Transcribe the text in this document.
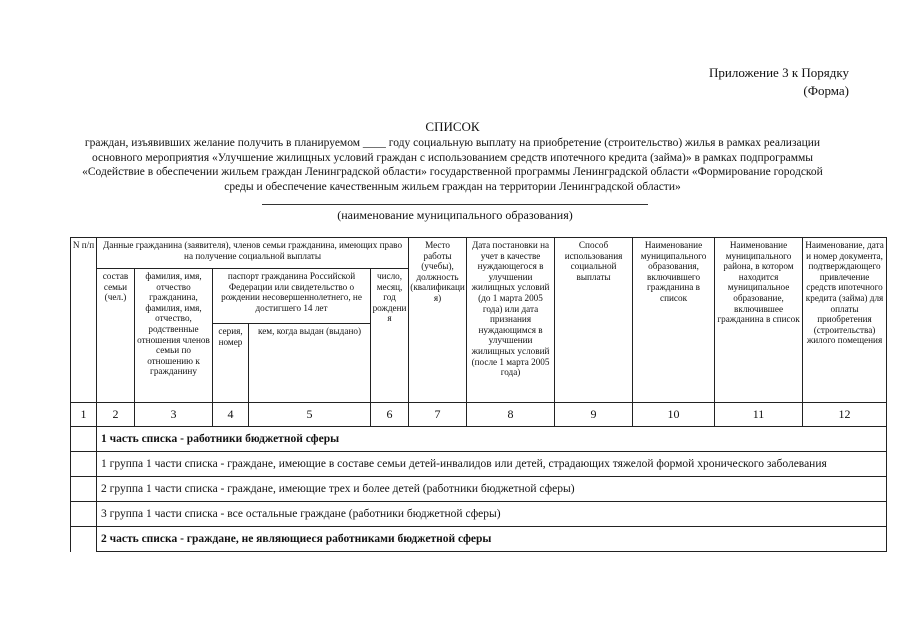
Приложение 3 к Порядку
(Форма)
СПИСОК
граждан, изъявивших желание получить в планируемом ____ году социальную выплату на приобретение (строительство) жилья в рамках реализации основного мероприятия «Улучшение жилищных условий граждан с использованием средств ипотечного кредита (займа)» в рамках подпрограммы «Содействие в обеспечении жильем граждан Ленинградской области» государственной программы Ленинградской области «Формирование городской среды и обеспечение качественным жильем граждан на территории Ленинградской области»
(наименование муниципального образования)
N п/п	Данные гражданина (заявителя), членов семьи гражданина, имеющих право на получение социальной выплаты					Место работы (учебы), должность (квалификация)	Дата постановки на учет в качестве нуждающегося в улучшении жилищных условий (до 1 марта 2005 года) или дата признания нуждающимся в улучшении жилищных условий (после 1 марта 2005 года)	Способ использования социальной выплаты	Наименование муниципального образования, включившего гражданина в список	Наименование муниципального района, в котором находится муниципальное образование, включившее гражданина в список	Наименование, дата и номер документа, подтверждающего привлечение средств ипотечного кредита (займа) для оплаты приобретения (строительства) жилого помещения
	состав семьи (чел.)	фамилия, имя, отчество гражданина, фамилия, имя, отчество, родственные отношения членов семьи по отношению к гражданину	паспорт гражданина Российской Федерации или свидетельство о рождении несовершеннолетнего, не достигшего 14 лет		число, месяц, год рождения						
			серия, номер	кем, когда выдан (выдано)							
1	2	3	4	5	6	7	8	9	10	11	12
	1 часть списка - работники бюджетной сферы										
	1 группа 1 части списка - граждане, имеющие в составе семьи детей-инвалидов или детей, страдающих тяжелой формой хронического заболевания										
	2 группа 1 части списка - граждане, имеющие трех и более детей (работники бюджетной сферы)										
	3 группа 1 части списка - все остальные граждане (работники бюджетной сферы)										
	2 часть списка - граждане, не являющиеся работниками бюджетной сферы										
